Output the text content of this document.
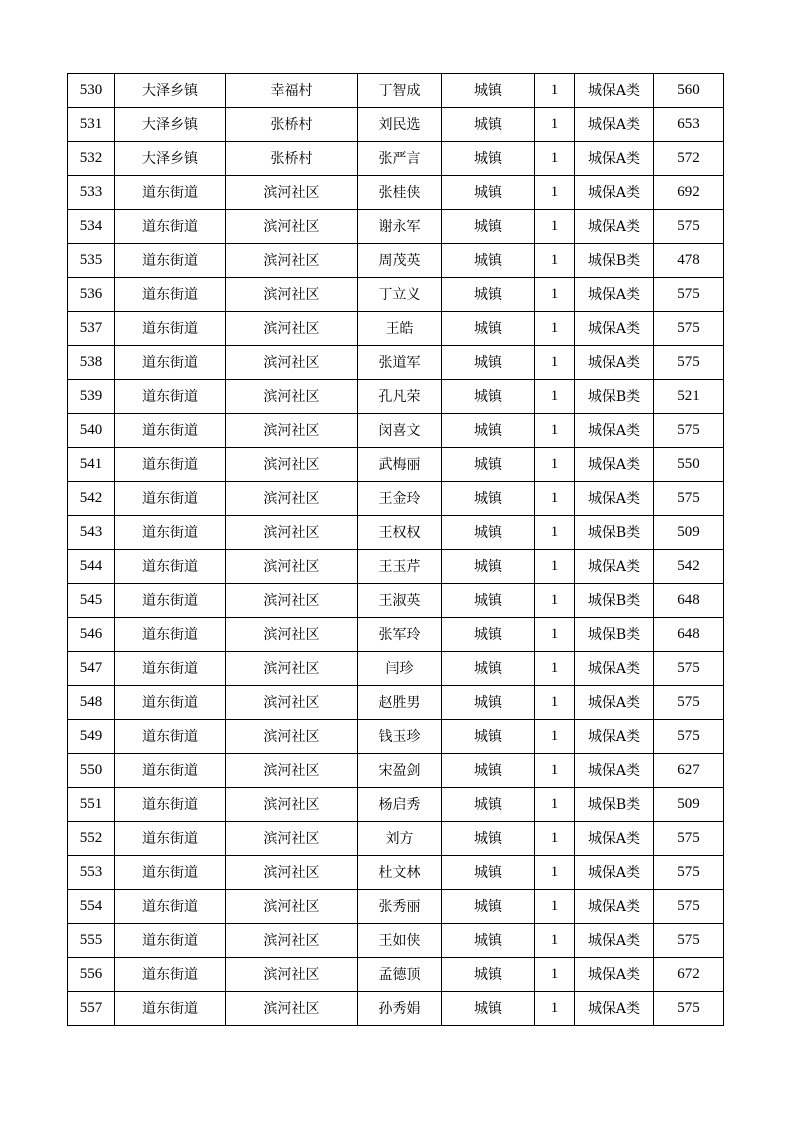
530	大泽乡镇	幸福村	丁智成	城镇	1	城保A类	560
531	大泽乡镇	张桥村	刘民选	城镇	1	城保A类	653
532	大泽乡镇	张桥村	张严言	城镇	1	城保A类	572
533	道东街道	滨河社区	张桂侠	城镇	1	城保A类	692
534	道东街道	滨河社区	谢永军	城镇	1	城保A类	575
535	道东街道	滨河社区	周茂英	城镇	1	城保B类	478
536	道东街道	滨河社区	丁立义	城镇	1	城保A类	575
537	道东街道	滨河社区	王皓	城镇	1	城保A类	575
538	道东街道	滨河社区	张道军	城镇	1	城保A类	575
539	道东街道	滨河社区	孔凡荣	城镇	1	城保B类	521
540	道东街道	滨河社区	闵喜文	城镇	1	城保A类	575
541	道东街道	滨河社区	武梅丽	城镇	1	城保A类	550
542	道东街道	滨河社区	王金玲	城镇	1	城保A类	575
543	道东街道	滨河社区	王权权	城镇	1	城保B类	509
544	道东街道	滨河社区	王玉芹	城镇	1	城保A类	542
545	道东街道	滨河社区	王淑英	城镇	1	城保B类	648
546	道东街道	滨河社区	张军玲	城镇	1	城保B类	648
547	道东街道	滨河社区	闫珍	城镇	1	城保A类	575
548	道东街道	滨河社区	赵胜男	城镇	1	城保A类	575
549	道东街道	滨河社区	钱玉珍	城镇	1	城保A类	575
550	道东街道	滨河社区	宋盈剑	城镇	1	城保A类	627
551	道东街道	滨河社区	杨启秀	城镇	1	城保B类	509
552	道东街道	滨河社区	刘方	城镇	1	城保A类	575
553	道东街道	滨河社区	杜文林	城镇	1	城保A类	575
554	道东街道	滨河社区	张秀丽	城镇	1	城保A类	575
555	道东街道	滨河社区	王如侠	城镇	1	城保A类	575
556	道东街道	滨河社区	孟德顶	城镇	1	城保A类	672
557	道东街道	滨河社区	孙秀娟	城镇	1	城保A类	575
